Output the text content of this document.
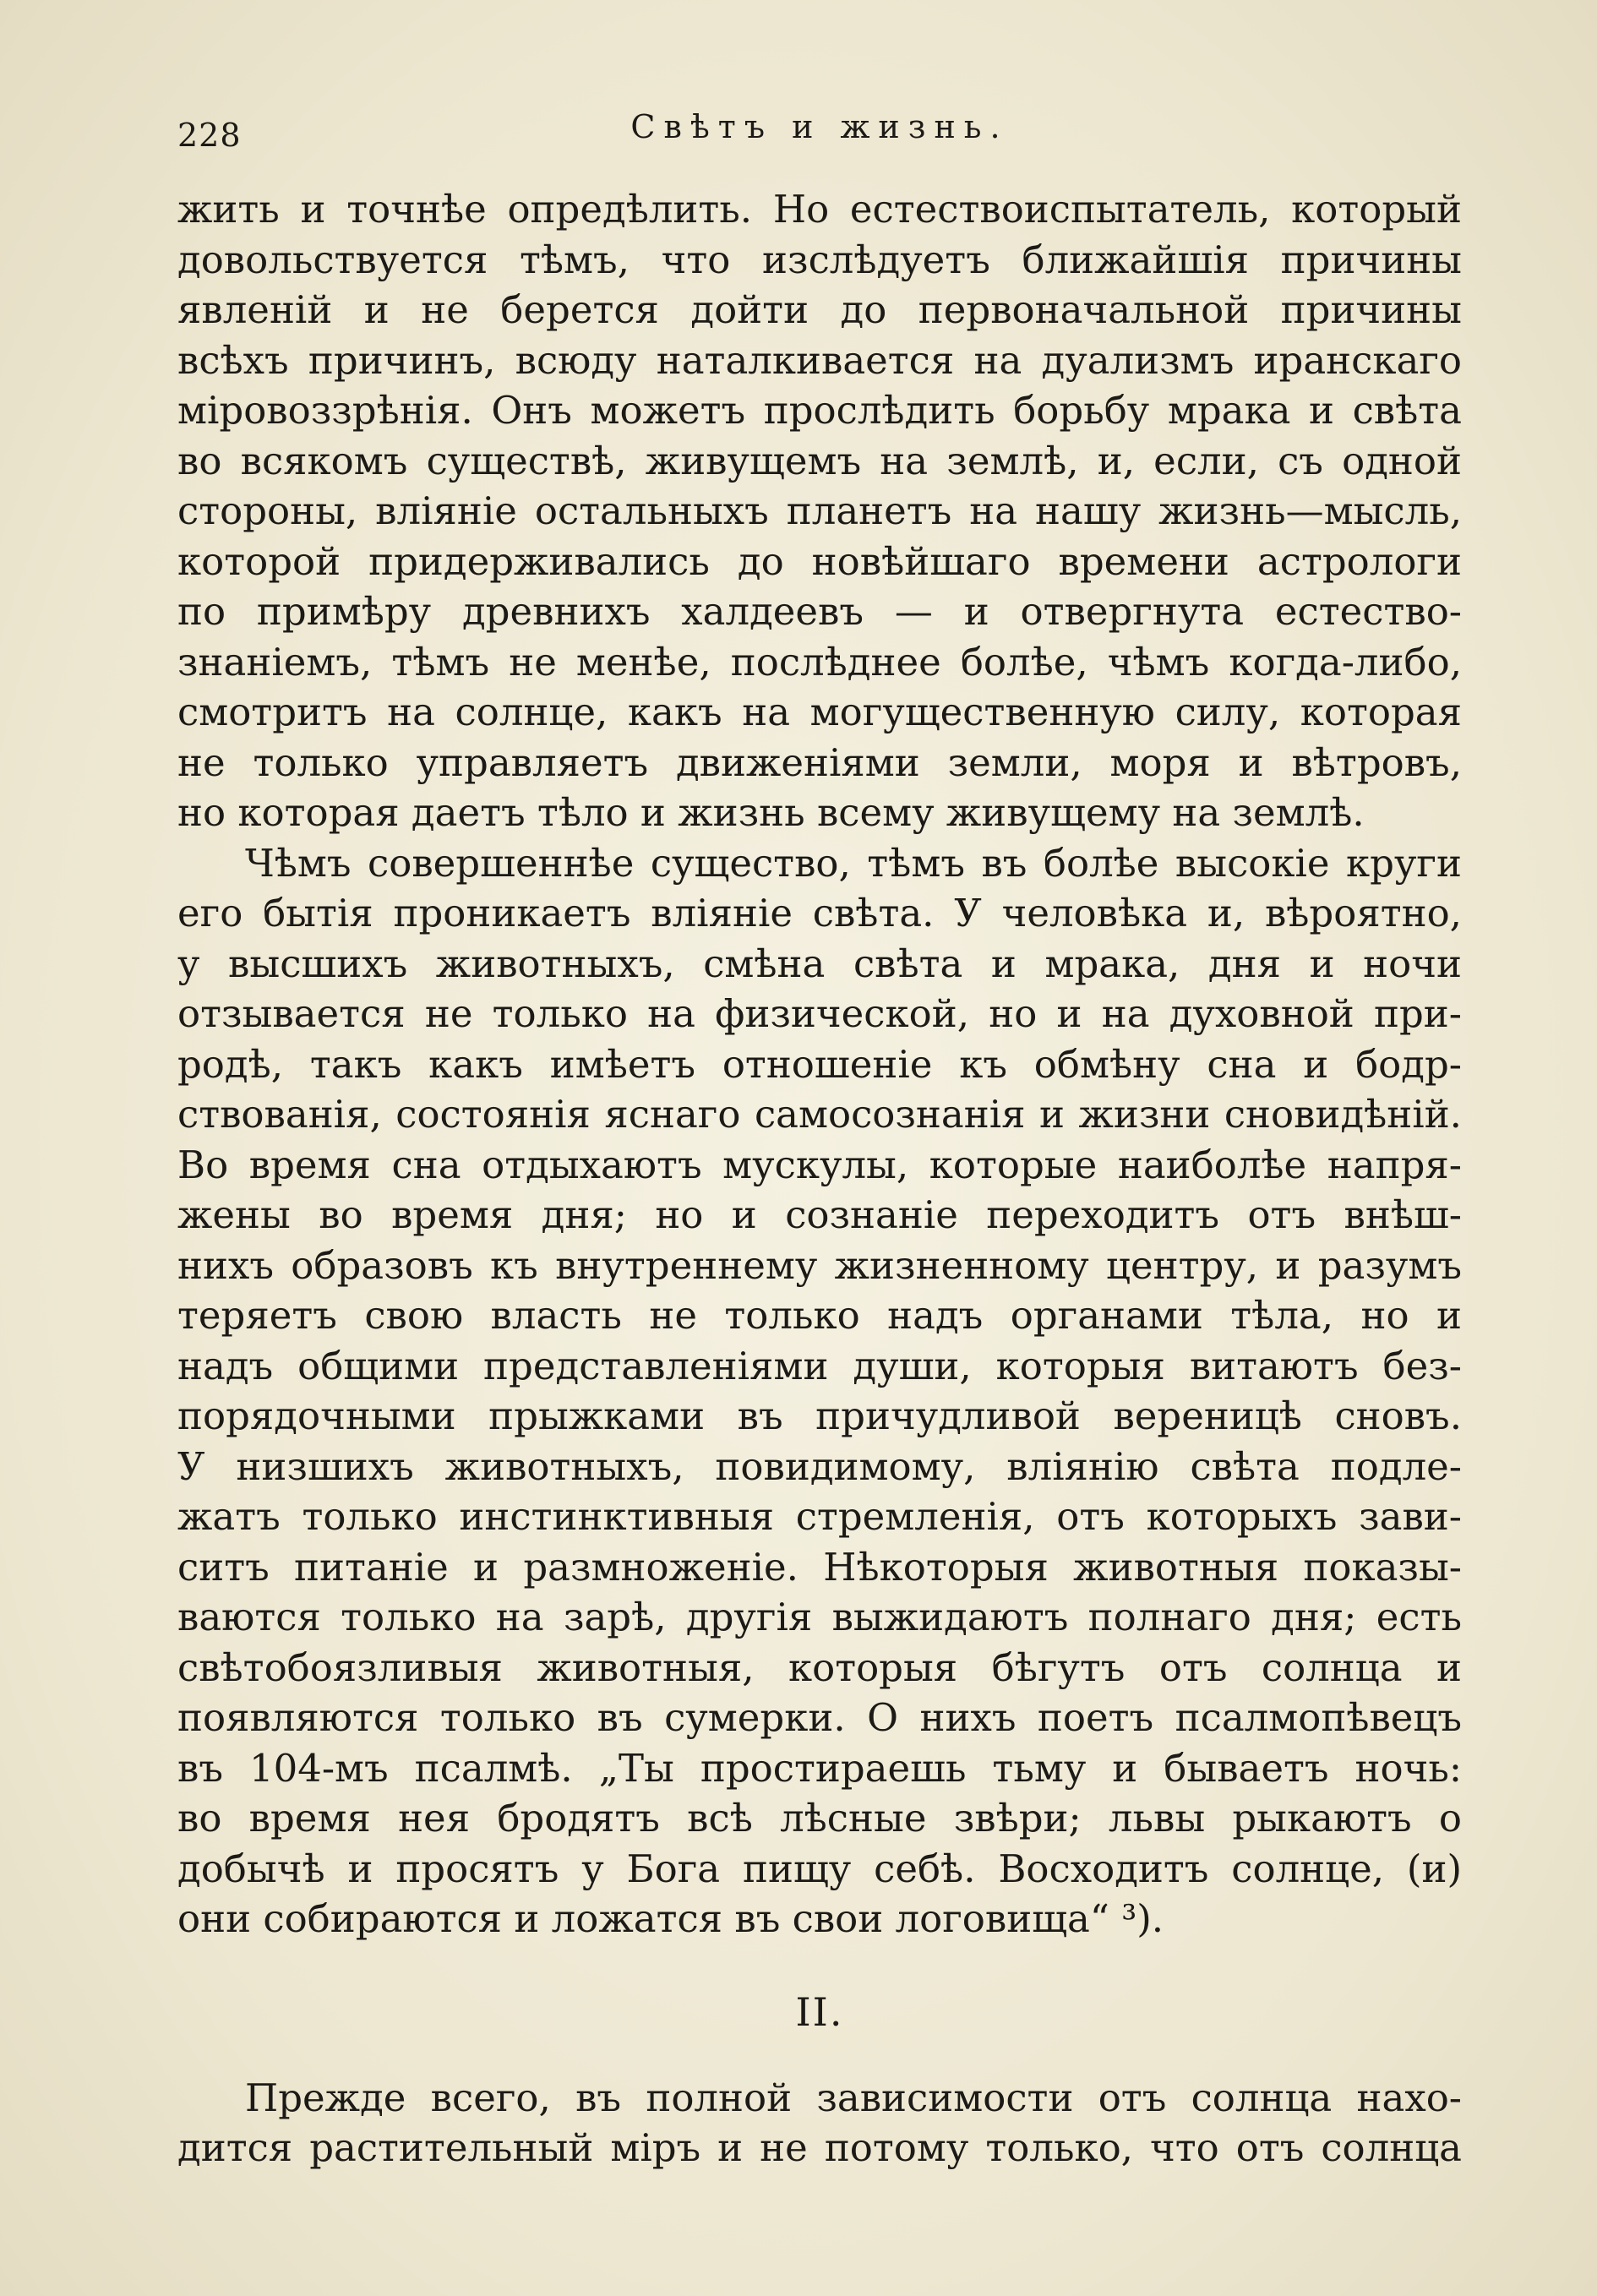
228	Свѣтъ и жизнь.
жить и точнѣе опредѣлить. Но естествоиспытатель, который
довольствуется тѣмъ, что изслѣдуетъ ближайшія причины
явленій и не берется дойти до первоначальной причины
всѣхъ причинъ, всюду наталкивается на дуализмъ иранскаго
міровоззрѣнія. Онъ можетъ прослѣдить борьбу мрака и свѣта
во всякомъ существѣ, живущемъ на землѣ, и, если, съ одной
стороны, вліяніе остальныхъ планетъ на нашу жизнь—мысль,
которой придерживались до новѣйшаго времени астрологи
по примѣру древнихъ халдеевъ — и отвергнута естество-
знаніемъ, тѣмъ не менѣе, послѣднее болѣе, чѣмъ когда-либо,
смотритъ на солнце, какъ на могущественную силу, которая
не только управляетъ движеніями земли, моря и вѣтровъ,
но которая даетъ тѣло и жизнь всему живущему на землѣ.
Чѣмъ совершеннѣе существо, тѣмъ въ болѣе высокіе круги
его бытія проникаетъ вліяніе свѣта. У человѣка и, вѣроятно,
у высшихъ животныхъ, смѣна свѣта и мрака, дня и ночи
отзывается не только на физической, но и на духовной при-
родѣ, такъ какъ имѣетъ отношеніе къ обмѣну сна и бодр-
ствованія, состоянія яснаго самосознанія и жизни сновидѣній.
Во время сна отдыхаютъ мускулы, которые наиболѣе напря-
жены во время дня; но и сознаніе переходитъ отъ внѣш-
нихъ образовъ къ внутреннему жизненному центру, и разумъ
теряетъ свою власть не только надъ органами тѣла, но и
надъ общими представленіями души, которыя витаютъ без-
порядочными прыжками въ причудливой вереницѣ сновъ.
У низшихъ животныхъ, повидимому, вліянію свѣта подле-
жатъ только инстинктивныя стремленія, отъ которыхъ зави-
ситъ питаніе и размноженіе. Нѣкоторыя животныя показы-
ваются только на зарѣ, другія выжидаютъ полнаго дня; есть
свѣтобоязливыя животныя, которыя бѣгутъ отъ солнца и
появляются только въ сумерки. О нихъ поетъ псалмопѣвецъ
въ 104-мъ псалмѣ. „Ты простираешь тьму и бываетъ ночь:
во время нея бродятъ всѣ лѣсные звѣри; львы рыкаютъ о
добычѣ и просятъ у Бога пищу себѣ. Восходитъ солнце, (и)
они собираются и ложатся въ свои логовища“ ³).
II.
Прежде всего, въ полной зависимости отъ солнца нахо-
дится растительный міръ и не потому только, что отъ солнца
